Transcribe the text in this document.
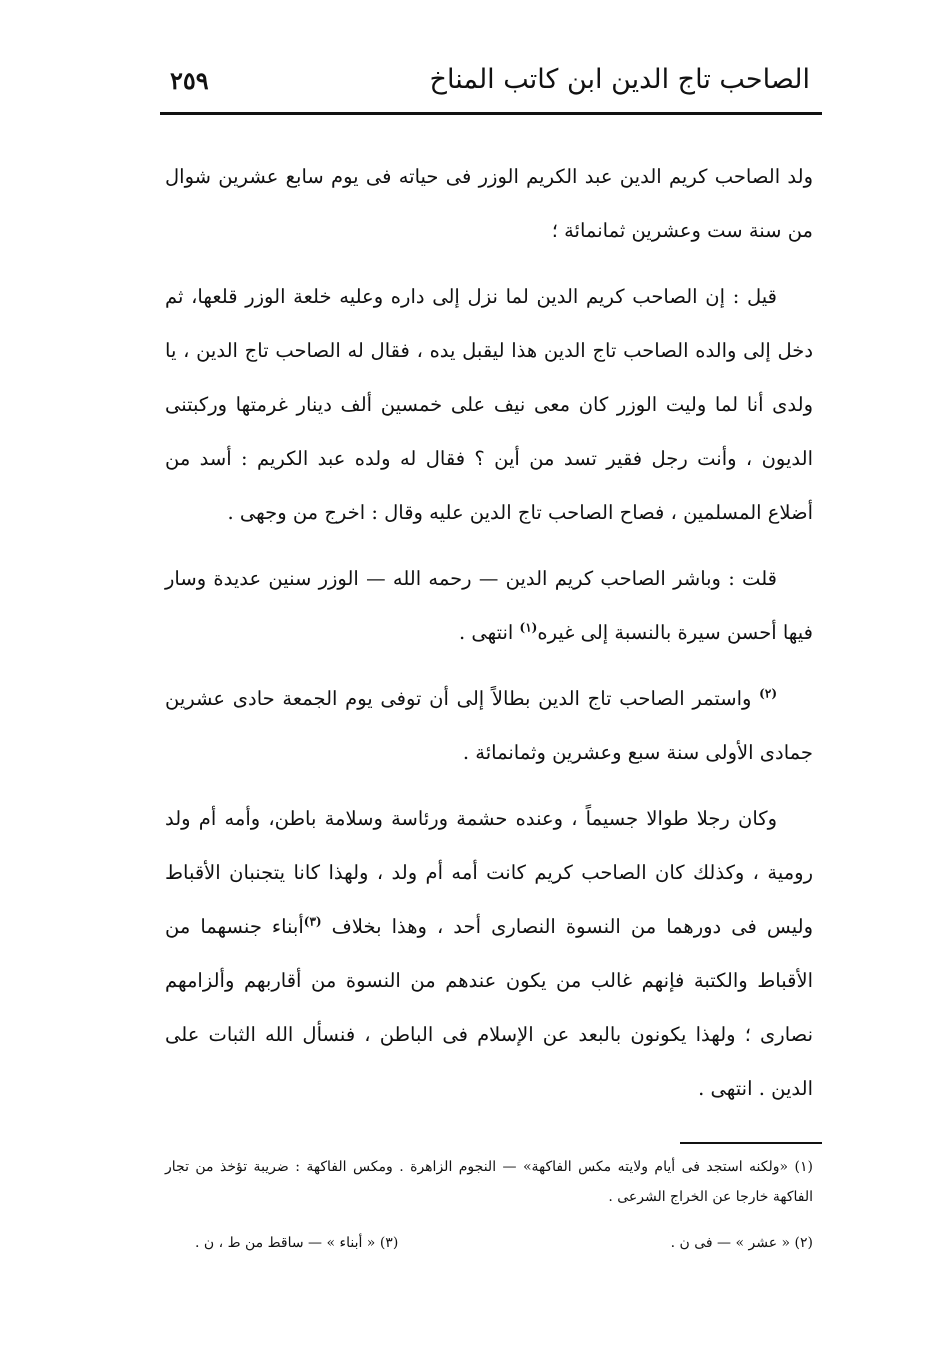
الصاحب تاج الدين ابن كاتب المناخ
٢٥٩

ولد الصاحب كريم الدين عبد الكريم الوزر فى حياته فى يوم سابع عشرين شوال من سنة ست وعشرين ثمانمائة ؛

قيل : إن الصاحب كريم الدين لما نزل إلى داره وعليه خلعة الوزر قلعها، ثم دخل إلى والده الصاحب تاج الدين هذا ليقبل يده ، فقال له الصاحب تاج الدين ، يا ولدى أنا لما وليت الوزر كان معى نيف على خمسين ألف دينار غرمتها وركبتنى الديون ، وأنت رجل فقير تسد من أين ؟ فقال له ولده عبد الكريم : أسد من أضلاع المسلمين ، فصاح الصاحب تاج الدين عليه وقال : اخرج من وجهى .

قلت : وباشر الصاحب كريم الدين — رحمه الله — الوزر سنين عديدة وسار فيها أحسن سيرة بالنسبة إلى غيره$^{(١)}$ انتهى .

$^{(٢)}$ واستمر الصاحب تاج الدين بطالاً إلى أن توفى يوم الجمعة حادى عشرين جمادى الأولى سنة سبع وعشرين وثمانمائة .

وكان رجلا طوالا جسيماً ، وعنده حشمة ورئاسة وسلامة باطن، وأمه أم ولد رومية ، وكذلك كان الصاحب كريم كانت أمه أم ولد ، ولهذا كانا يتجنبان الأقباط وليس فى دورهما من النسوة النصارى أحد ، وهذا بخلاف $^{(٣)}$أبناء جنسهما من الأقباط والكتبة فإنهم غالب من يكون عندهم من النسوة من أقاربهم وألزامهم نصارى ؛ ولهذا يكونون بالبعد عن الإسلام فى الباطن ، فنسأل الله الثبات على الدين . انتهى .

(١) «ولكنه استجد فى أيام ولايته مكس الفاكهة» — النجوم الزاهرة . ومكس الفاكهة : ضريبة تؤخذ من تجار الفاكهة خارجا عن الخراج الشرعى .

(٢) « عشر » — فى ن .
(٣) « أبناء » — ساقط من ط ، ن .
